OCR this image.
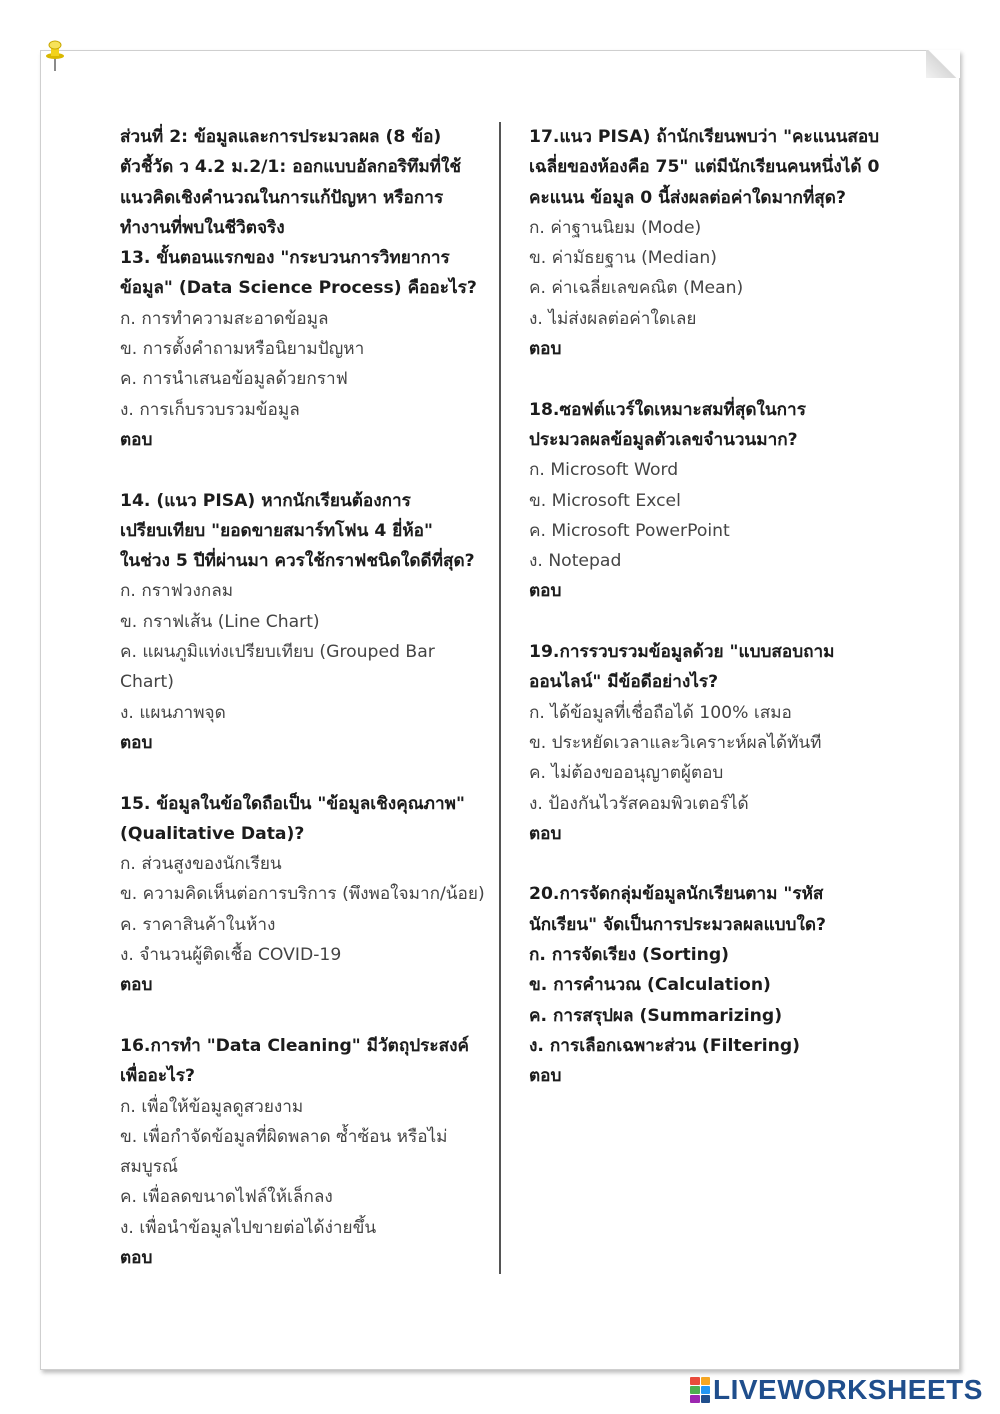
ส่วนที่ 2: ข้อมูลและการประมวลผล (8 ข้อ)
ตัวชี้วัด ว 4.2 ม.2/1: ออกแบบอัลกอริทึมที่ใช้
แนวคิดเชิงคำนวณในการแก้ปัญหา หรือการ
ทำงานที่พบในชีวิตจริง
13. ขั้นตอนแรกของ "กระบวนการวิทยาการ
ข้อมูล" (Data Science Process) คืออะไร?
ก. การทำความสะอาดข้อมูล
ข. การตั้งคำถามหรือนิยามปัญหา
ค. การนำเสนอข้อมูลด้วยกราฟ
ง. การเก็บรวบรวมข้อมูล
ตอบ
14. (แนว PISA) หากนักเรียนต้องการ
เปรียบเทียบ "ยอดขายสมาร์ทโฟน 4 ยี่ห้อ"
ในช่วง 5 ปีที่ผ่านมา ควรใช้กราฟชนิดใดดีที่สุด?
ก. กราฟวงกลม
ข. กราฟเส้น (Line Chart)
ค. แผนภูมิแท่งเปรียบเทียบ (Grouped Bar
Chart)
ง. แผนภาพจุด
ตอบ
15. ข้อมูลในข้อใดถือเป็น "ข้อมูลเชิงคุณภาพ"
(Qualitative Data)?
ก. ส่วนสูงของนักเรียน
ข. ความคิดเห็นต่อการบริการ (พึงพอใจมาก/น้อย)
ค. ราคาสินค้าในห้าง
ง. จำนวนผู้ติดเชื้อ COVID-19
ตอบ
16.การทำ "Data Cleaning" มีวัตถุประสงค์
เพื่ออะไร?
ก. เพื่อให้ข้อมูลดูสวยงาม
ข. เพื่อกำจัดข้อมูลที่ผิดพลาด ซ้ำซ้อน หรือไม่
สมบูรณ์
ค. เพื่อลดขนาดไฟล์ให้เล็กลง
ง. เพื่อนำข้อมูลไปขายต่อได้ง่ายขึ้น
ตอบ
17.แนว PISA) ถ้านักเรียนพบว่า "คะแนนสอบ
เฉลี่ยของห้องคือ 75" แต่มีนักเรียนคนหนึ่งได้ 0
คะแนน ข้อมูล 0 นี้ส่งผลต่อค่าใดมากที่สุด?
ก. ค่าฐานนิยม (Mode)
ข. ค่ามัธยฐาน (Median)
ค. ค่าเฉลี่ยเลขคณิต (Mean)
ง. ไม่ส่งผลต่อค่าใดเลย
ตอบ
18.ซอฟต์แวร์ใดเหมาะสมที่สุดในการ
ประมวลผลข้อมูลตัวเลขจำนวนมาก?
ก. Microsoft Word
ข. Microsoft Excel
ค. Microsoft PowerPoint
ง. Notepad
ตอบ
19.การรวบรวมข้อมูลด้วย "แบบสอบถาม
ออนไลน์" มีข้อดีอย่างไร?
ก. ได้ข้อมูลที่เชื่อถือได้ 100% เสมอ
ข. ประหยัดเวลาและวิเคราะห์ผลได้ทันที
ค. ไม่ต้องขออนุญาตผู้ตอบ
ง. ป้องกันไวรัสคอมพิวเตอร์ได้
ตอบ
20.การจัดกลุ่มข้อมูลนักเรียนตาม "รหัส
นักเรียน" จัดเป็นการประมวลผลแบบใด?
ก. การจัดเรียง (Sorting)
ข. การคำนวณ (Calculation)
ค. การสรุปผล (Summarizing)
ง. การเลือกเฉพาะส่วน (Filtering)
ตอบ
LIVEWORKSHEETS
